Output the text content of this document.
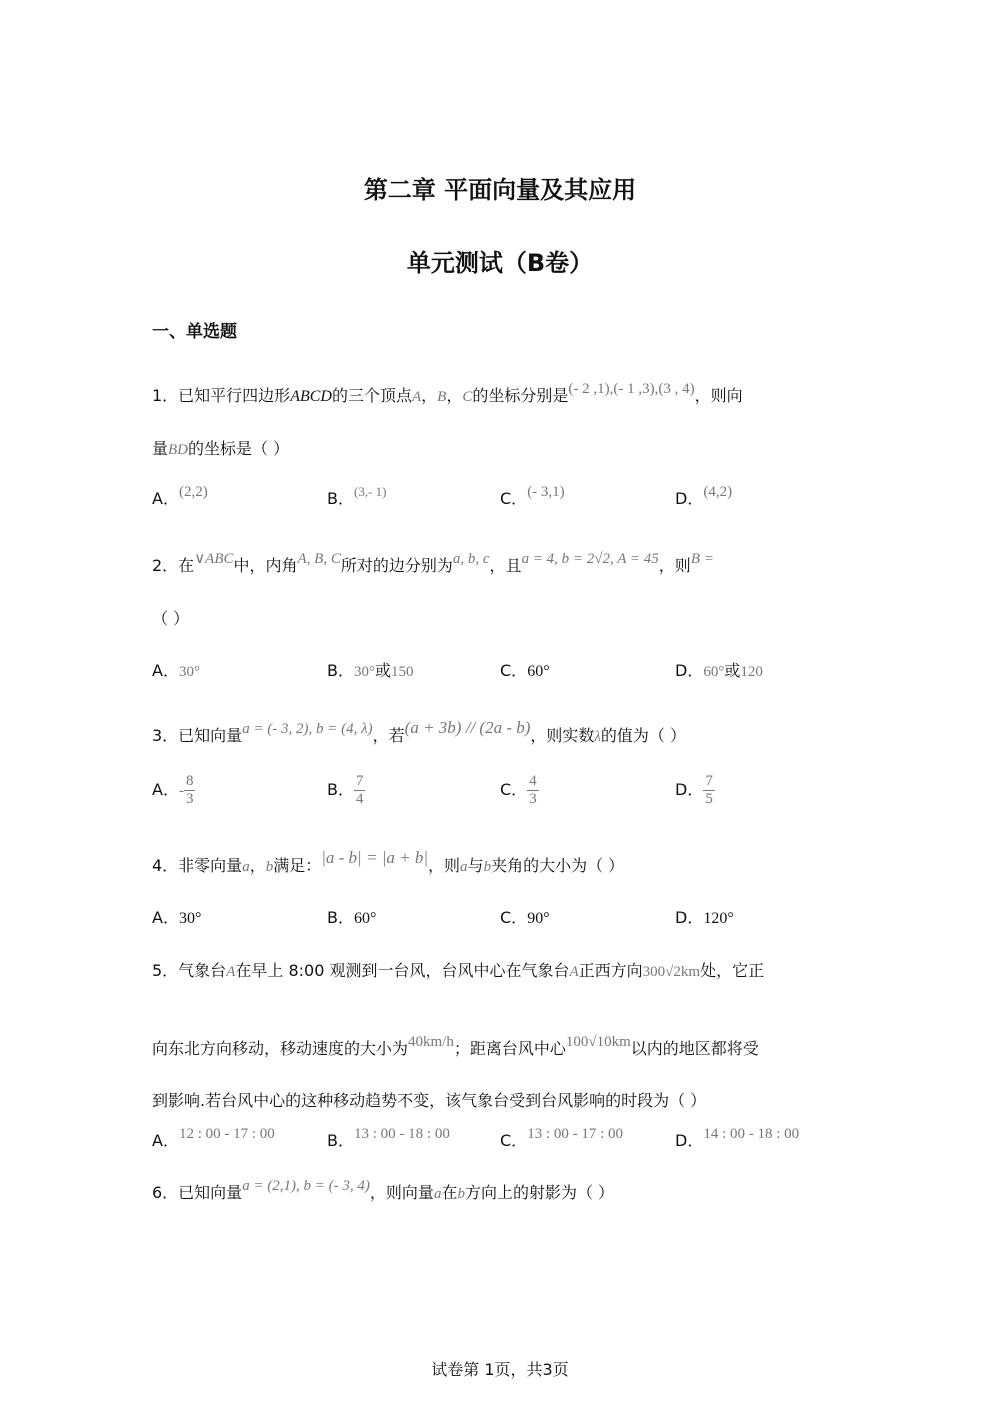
第二章 平面向量及其应用
单元测试（B卷）
一、单选题
1．已知平行四边形ABCD的三个顶点A，B，C的坐标分别是(- 2 ,1),(- 1 ,3),(3 , 4)，则向
量BD的坐标是（ ）
A．(2,2)	B．$^{(3,- 1)}$	C．(- 3,1)	D．(4,2)
2．在∨ABC中，内角A, B, C所对的边分别为a, b, c，且a = 4, b = 2√2, A = 45，则B =
（ ）
A．30°	B．30°或150	C．60°	D．60°或120
3．已知向量a = (- 3, 2), b = (4, λ)，若(a + 3b) // (2a - b)，则实数λ的值为（ ）
A．- $\frac{8}{3}$	B． $\frac{7}{4}$	C． $\frac{4}{3}$	D． $\frac{7}{5}$
4．非零向量a，b满足：|a - b| = |a + b|，则a与b夹角的大小为（ ）
A．30°	B．60°	C．90°	D．120°
5．气象台A在早上 8:00 观测到一台风，台风中心在气象台A正西方向300√2km处，它正
向东北方向移动，移动速度的大小为40km/h；距离台风中心100√10km以内的地区都将受
到影响.若台风中心的这种移动趋势不变，该气象台受到台风影响的时段为（ ）
A．12 : 00 - 17 : 00	B．13 : 00 - 18 : 00	C．13 : 00 - 17 : 00	D．14 : 00 - 18 : 00
6．已知向量a = (2,1), b = (- 3, 4)，则向量a在b方向上的射影为（ ）
试卷第 1页，共3页
